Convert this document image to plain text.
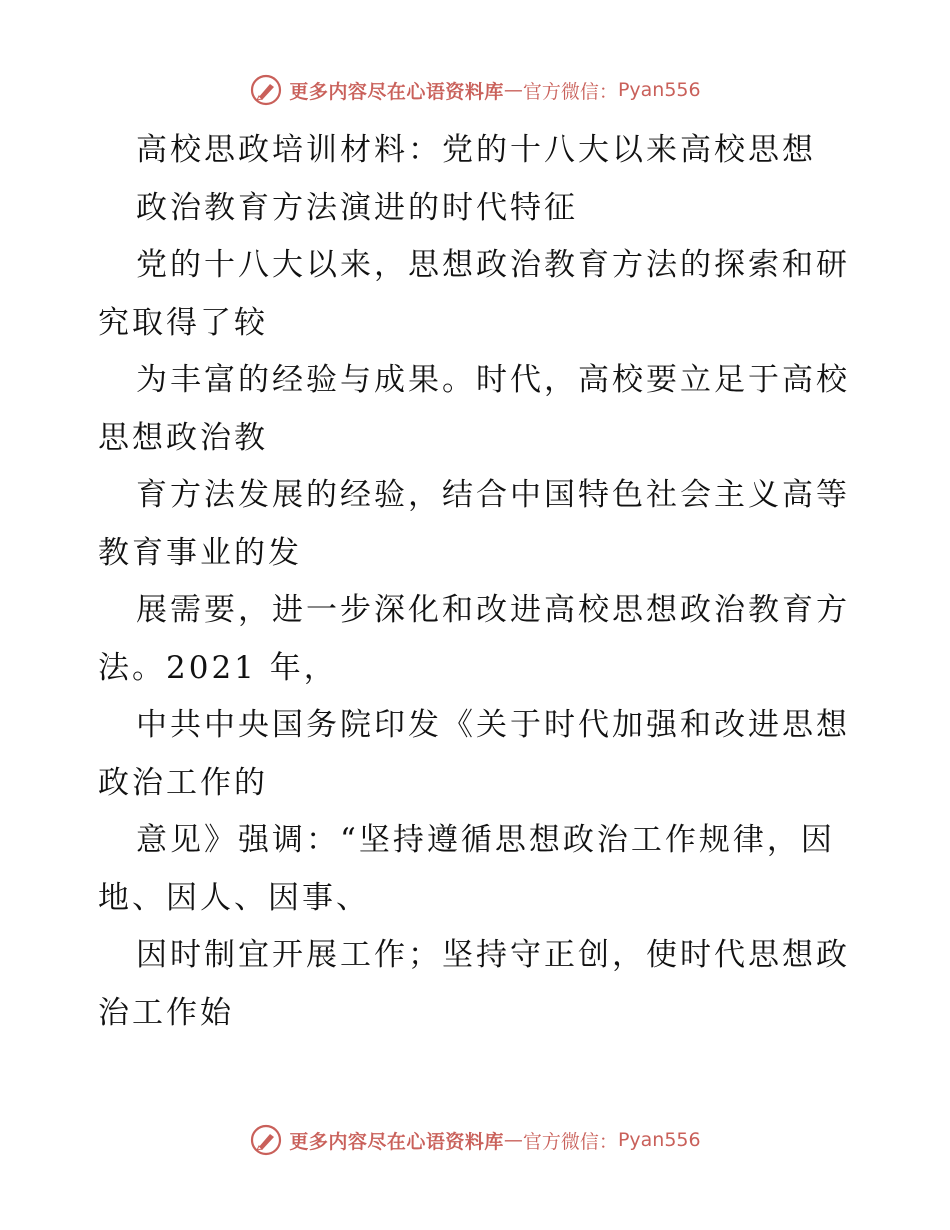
更多内容尽在心语资料库 — 官方微信： Pyan556
高校思政培训材料：党的十八大以来高校思想
政治教育方法演进的时代特征
党的十八大以来，思想政治教育方法的探索和研
究取得了较
为丰富的经验与成果。时代，高校要立足于高校
思想政治教
育方法发展的经验，结合中国特色社会主义高等
教育事业的发
展需要，进一步深化和改进高校思想政治教育方
法。2021 年，
中共中央国务院印发《关于时代加强和改进思想
政治工作的
意见》强调：“坚持遵循思想政治工作规律，因
地、因人、因事、
因时制宜开展工作；坚持守正创，使时代思想政
治工作始
更多内容尽在心语资料库 — 官方微信： Pyan556
